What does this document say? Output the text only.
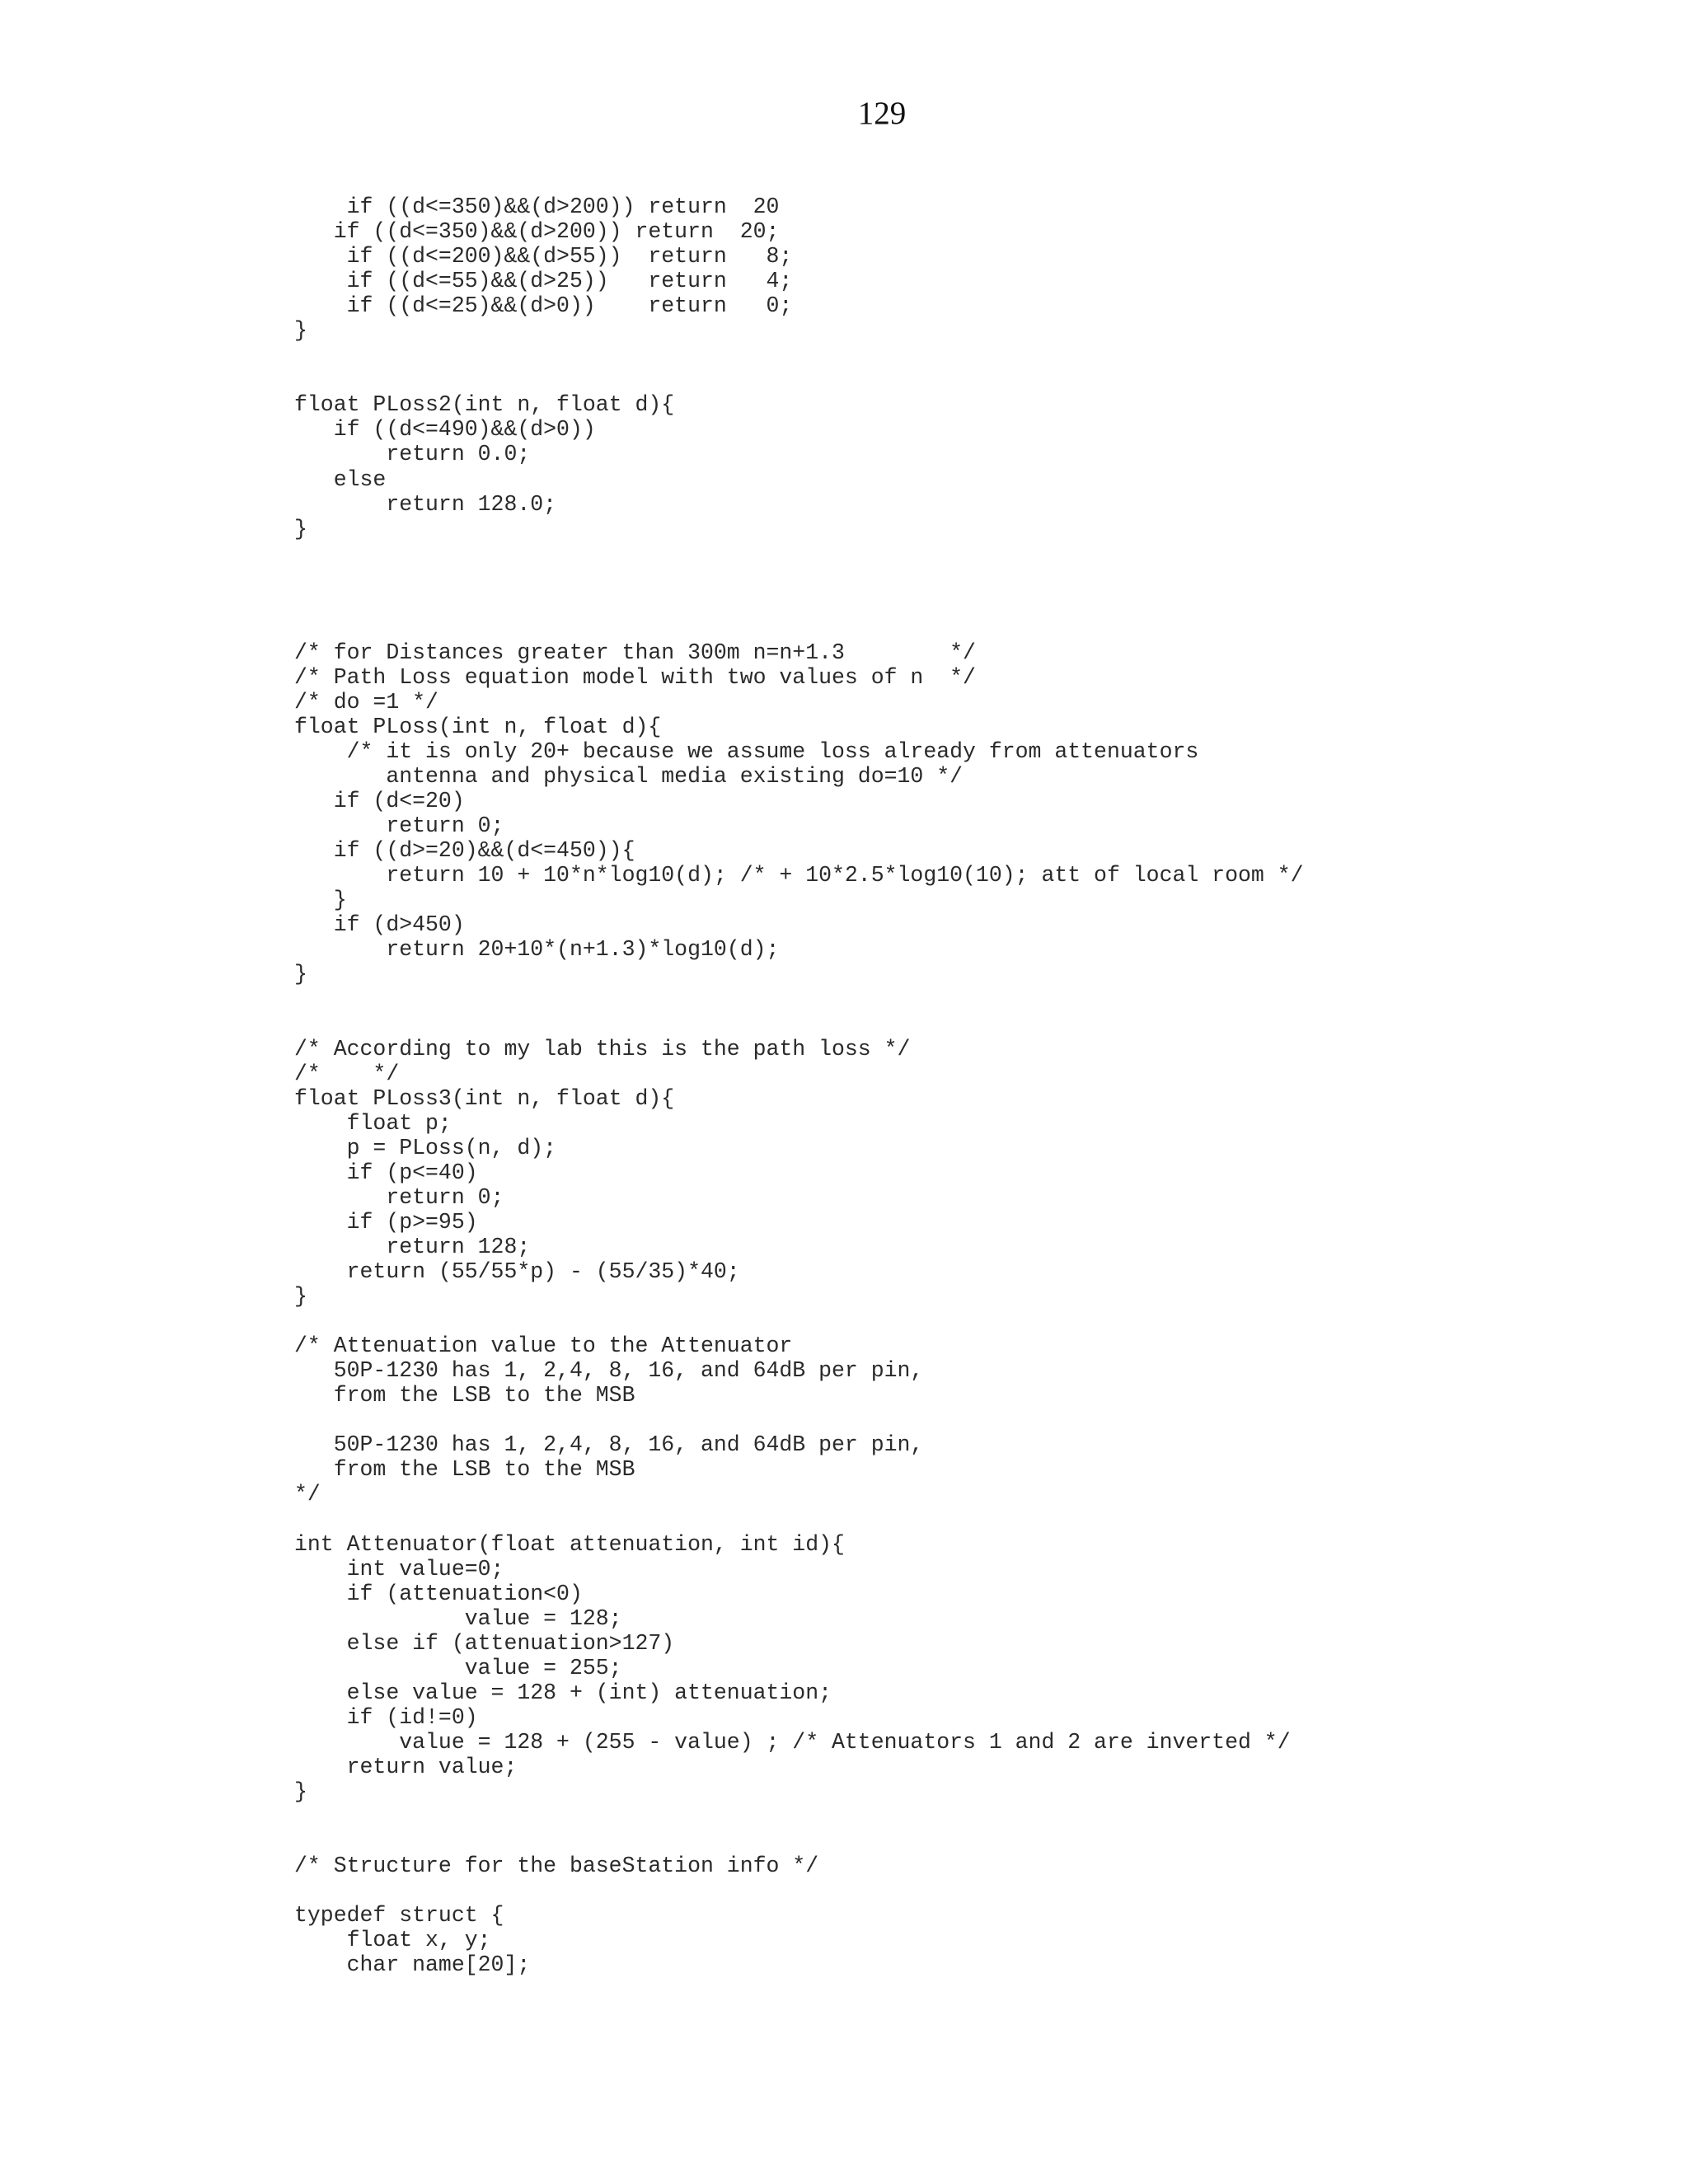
129
if ((d<=350)&&(d>200)) return  20
if ((d<=350)&&(d>200)) return  20;
if ((d<=200)&&(d>55))  return   8;
if ((d<=55)&&(d>25))   return   4;
if ((d<=25)&&(d>0))    return   0;
}
float PLoss2(int n, float d){
if ((d<=490)&&(d>0))
return 0.0;
else
return 128.0;
}
/* for Distances greater than 300m n=n+1.3        */
/* Path Loss equation model with two values of n  */
/* do =1 */
float PLoss(int n, float d){
/* it is only 20+ because we assume loss already from attenuators
antenna and physical media existing do=10 */
if (d<=20)
return 0;
if ((d>=20)&&(d<=450)){
return 10 + 10*n*log10(d); /* + 10*2.5*log10(10); att of local room */
}
if (d>450)
return 20+10*(n+1.3)*log10(d);
}
/* According to my lab this is the path loss */
/*    */
float PLoss3(int n, float d){
float p;
p = PLoss(n, d);
if (p<=40)
return 0;
if (p>=95)
return 128;
return (55/55*p) - (55/35)*40;
}
/* Attenuation value to the Attenuator
50P-1230 has 1, 2,4, 8, 16, and 64dB per pin,
from the LSB to the MSB
50P-1230 has 1, 2,4, 8, 16, and 64dB per pin,
from the LSB to the MSB
*/
int Attenuator(float attenuation, int id){
int value=0;
if (attenuation<0)
value = 128;
else if (attenuation>127)
value = 255;
else value = 128 + (int) attenuation;
if (id!=0)
value = 128 + (255 - value) ; /* Attenuators 1 and 2 are inverted */
return value;
}
/* Structure for the baseStation info */
typedef struct {
float x, y;
char name[20];
